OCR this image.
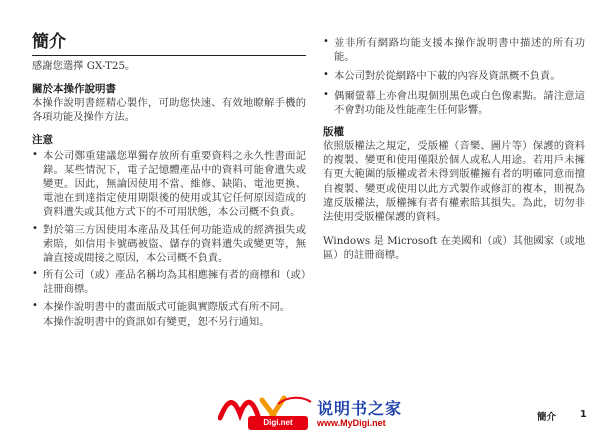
簡介

感謝您選擇 GX-T25。

關於本操作說明書

本操作說明書經精心製作，可助您快速、有效地瞭解手機的各項功能及操作方法。

注意
• 本公司鄭重建議您單獨存放所有重要資料之永久性書面記錄。某些情況下，電子記憶體產品中的資料可能會遺失或變更。因此，無論因使用不當、維修、缺陷、電池更換、電池在到達指定使用期限後的使用或其它任何原因造成的資料遺失或其他方式下的不可用狀態，本公司概不負責。

• 對於第三方因使用本產品及其任何功能造成的經濟損失或索賠，如信用卡號碼被盜、儲存的資料遺失或變更等，無論直接或間接之原因，本公司概不負責。

• 所有公司（或）產品名稱均為其相應擁有者的商標和（或）註冊商標。

• 本操作說明書中的畫面版式可能與實際版式有所不同。

本操作說明書中的資訊如有變更，恕不另行通知。

• 並非所有網路均能支援本操作說明書中描述的所有功能。

• 本公司對於從網路中下載的內容及資訊概不負責。

• 偶爾螢幕上亦會出現個別黑色或白色像素點。請注意這不會對功能及性能產生任何影響。

版權

依照版權法之規定，受版權（音樂、圖片等）保護的資料的複製、變更和使用僅限於個人或私人用途。若用戶未擁有更大範圍的版權或者未得到版權擁有者的明確同意而擅自複製、變更或使用以此方式製作或修訂的複本，則視為違反版權法，版權擁有者有權索賠其損失。為此，切勿非法使用受版權保護的資料。

Windows 是 Microsoft 在美國和（或）其他國家（或地區）的註冊商標。

Digi.net
说明书之家
www.MyDigi.net	簡介	1
